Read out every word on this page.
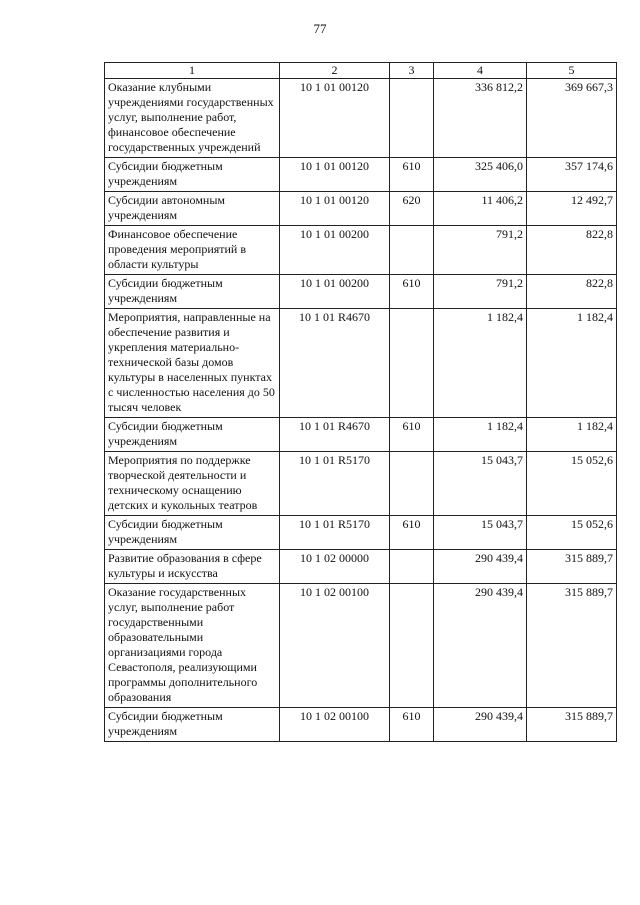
77
1	2	3	4	5
Оказание клубными учреждениями государственных услуг, выполнение работ, финансовое обеспечение государственных учреждений	10 1 01 00120		336 812,2	369 667,3
Субсидии бюджетным учреждениям	10 1 01 00120	610	325 406,0	357 174,6
Субсидии автономным учреждениям	10 1 01 00120	620	11 406,2	12 492,7
Финансовое обеспечение проведения мероприятий в области культуры	10 1 01 00200		791,2	822,8
Субсидии бюджетным учреждениям	10 1 01 00200	610	791,2	822,8
Мероприятия, направленные на обеспечение развития и укрепления материально-технической базы домов культуры в населенных пунктах с численностью населения до 50 тысяч человек	10 1 01 R4670		1 182,4	1 182,4
Субсидии бюджетным учреждениям	10 1 01 R4670	610	1 182,4	1 182,4
Мероприятия по поддержке творческой деятельности и техническому оснащению детских и кукольных театров	10 1 01 R5170		15 043,7	15 052,6
Субсидии бюджетным учреждениям	10 1 01 R5170	610	15 043,7	15 052,6
Развитие образования в сфере культуры и искусства	10 1 02 00000		290 439,4	315 889,7
Оказание государственных услуг, выполнение работ государственными образовательными организациями города Севастополя, реализующими программы дополнительного образования	10 1 02 00100		290 439,4	315 889,7
Субсидии бюджетным учреждениям	10 1 02 00100	610	290 439,4	315 889,7
